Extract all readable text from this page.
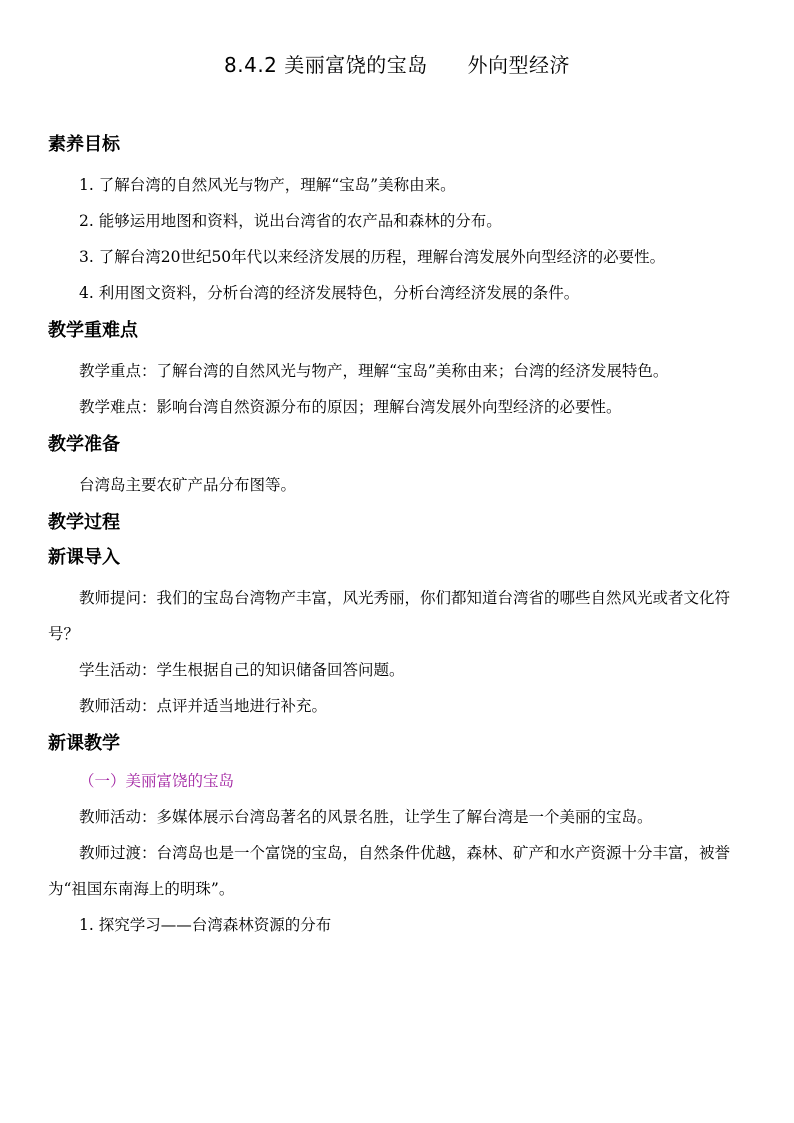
8.4.2 美丽富饶的宝岛 外向型经济
素养目标

1. 了解台湾的自然风光与物产，理解“宝岛”美称由来。

2. 能够运用地图和资料，说出台湾省的农产品和森林的分布。

3. 了解台湾20世纪50年代以来经济发展的历程，理解台湾发展外向型经济的必要性。

4. 利用图文资料，分析台湾的经济发展特色，分析台湾经济发展的条件。

教学重难点

教学重点：了解台湾的自然风光与物产，理解“宝岛”美称由来；台湾的经济发展特色。

教学难点：影响台湾自然资源分布的原因；理解台湾发展外向型经济的必要性。

教学准备

台湾岛主要农矿产品分布图等。

教学过程
新课导入

教师提问：我们的宝岛台湾物产丰富，风光秀丽，你们都知道台湾省的哪些自然风光或者文化符号？

学生活动：学生根据自己的知识储备回答问题。

教师活动：点评并适当地进行补充。

新课教学
（一）美丽富饶的宝岛

教师活动：多媒体展示台湾岛著名的风景名胜，让学生了解台湾是一个美丽的宝岛。

教师过渡：台湾岛也是一个富饶的宝岛，自然条件优越，森林、矿产和水产资源十分丰富，被誉为“祖国东南海上的明珠”。

1. 探究学习——台湾森林资源的分布
